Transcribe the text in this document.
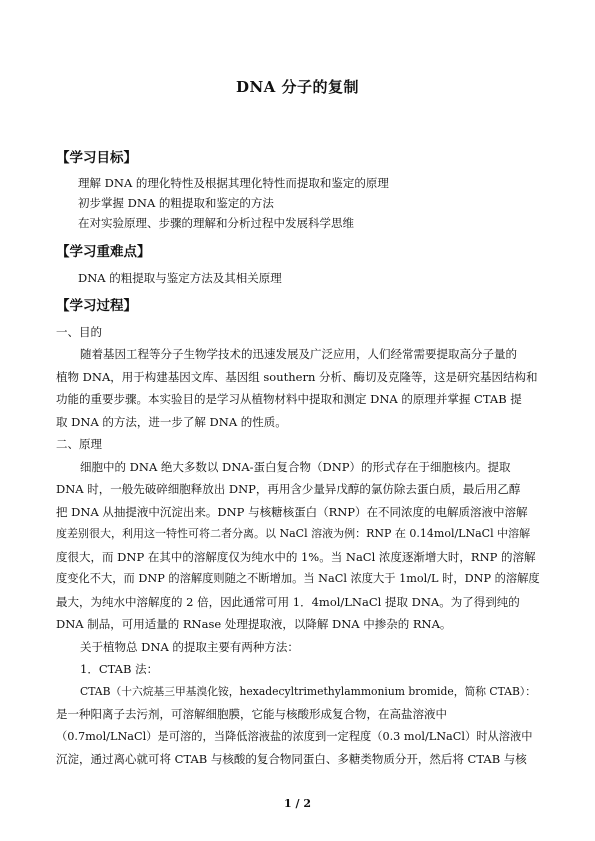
DNA 分子的复制
【学习目标】
理解 DNA 的理化特性及根据其理化特性而提取和鉴定的原理
初步掌握 DNA 的粗提取和鉴定的方法
在对实验原理、步骤的理解和分析过程中发展科学思维
【学习重难点】
DNA 的粗提取与鉴定方法及其相关原理
【学习过程】
一、目的
随着基因工程等分子生物学技术的迅速发展及广泛应用，人们经常需要提取高分子量的
植物 DNA，用于构建基因文库、基因组 southern 分析、酶切及克隆等，这是研究基因结构和
功能的重要步骤。本实验目的是学习从植物材料中提取和测定 DNA 的原理并掌握 CTAB 提
取 DNA 的方法，进一步了解 DNA 的性质。
二、原理
细胞中的 DNA 绝大多数以 DNA-蛋白复合物（DNP）的形式存在于细胞核内。提取
DNA 时，一般先破碎细胞释放出 DNP，再用含少量异戊醇的氯仿除去蛋白质，最后用乙醇
把 DNA 从抽提液中沉淀出来。DNP 与核糖核蛋白（RNP）在不同浓度的电解质溶液中溶解
度差别很大，利用这一特性可将二者分离。以 NaCl 溶液为例：RNP 在 0.14mol/LNaCl 中溶解
度很大，而 DNP 在其中的溶解度仅为纯水中的 1%。当 NaCl 浓度逐渐增大时，RNP 的溶解
度变化不大，而 DNP 的溶解度则随之不断增加。当 NaCl 浓度大于 1mol/L 时，DNP 的溶解度
最大，为纯水中溶解度的 2 倍，因此通常可用 1．4mol/LNaCl 提取 DNA。为了得到纯的
DNA 制品，可用适量的 RNase 处理提取液，以降解 DNA 中掺杂的 RNA。
关于植物总 DNA 的提取主要有两种方法：
1．CTAB 法：
CTAB（十六烷基三甲基溴化铵，hexadecyltrimethylammonium bromide，简称 CTAB）：
是一种阳离子去污剂，可溶解细胞膜，它能与核酸形成复合物，在高盐溶液中
（0.7mol/LNaCl）是可溶的，当降低溶液盐的浓度到一定程度（0.3 mol/LNaCl）时从溶液中
沉淀，通过离心就可将 CTAB 与核酸的复合物同蛋白、多糖类物质分开，然后将 CTAB 与核
1 / 2
